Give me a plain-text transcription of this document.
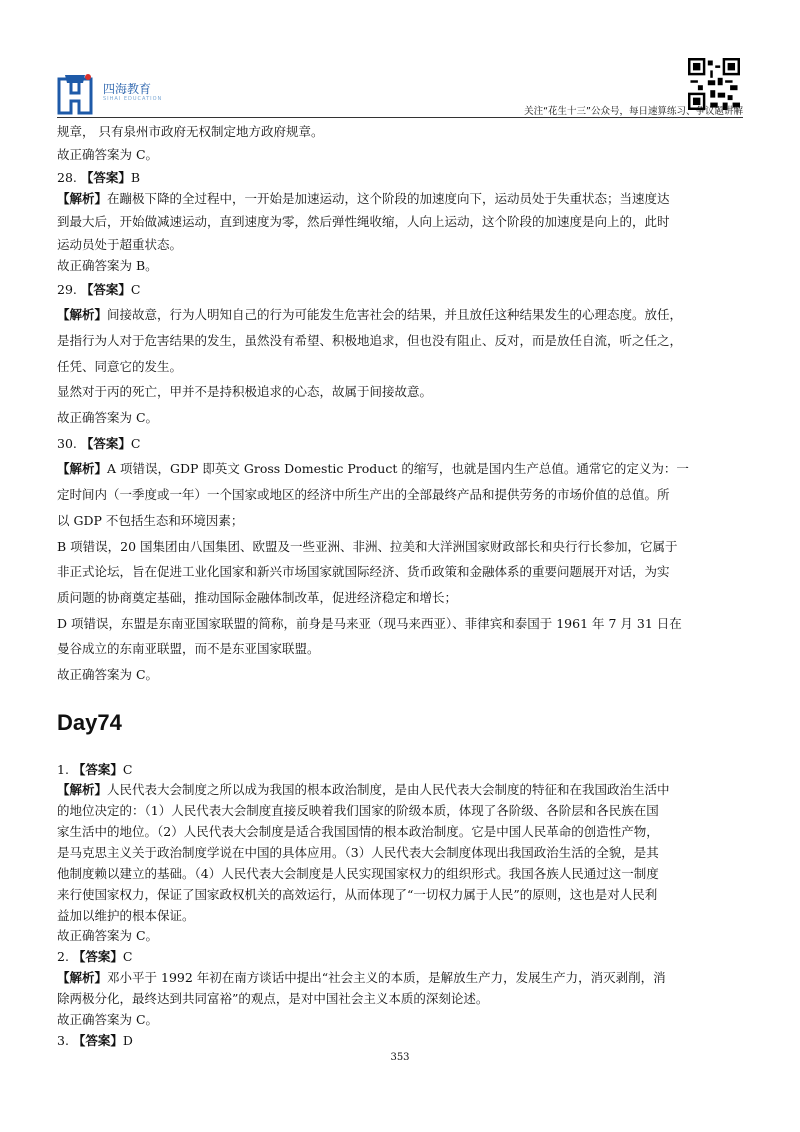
四海教育
SIHAI EDUCATION
关注“花生十三”公众号，每日速算练习、争议题讲解

规章， 只有泉州市政府无权制定地方政府规章。

故正确答案为 C。

28. 【答案】B

【解析】在蹦极下降的全过程中，一开始是加速运动，这个阶段的加速度向下，运动员处于失重状态；当速度达

到最大后，开始做减速运动，直到速度为零，然后弹性绳收缩，人向上运动，这个阶段的加速度是向上的，此时

运动员处于超重状态。

故正确答案为 B。

29. 【答案】C

【解析】间接故意，行为人明知自己的行为可能发生危害社会的结果，并且放任这种结果发生的心理态度。放任，

是指行为人对于危害结果的发生，虽然没有希望、积极地追求，但也没有阻止、反对，而是放任自流，听之任之，

任凭、同意它的发生。

显然对于丙的死亡，甲并不是持积极追求的心态，故属于间接故意。

故正确答案为 C。

30. 【答案】C

【解析】A 项错误，GDP 即英文 Gross Domestic Product 的缩写，也就是国内生产总值。通常它的定义为：一

定时间内（一季度或一年）一个国家或地区的经济中所生产出的全部最终产品和提供劳务的市场价值的总值。所

以 GDP 不包括生态和环境因素；

B 项错误，20 国集团由八国集团、欧盟及一些亚洲、非洲、拉美和大洋洲国家财政部长和央行行长参加，它属于

非正式论坛，旨在促进工业化国家和新兴市场国家就国际经济、货币政策和金融体系的重要问题展开对话，为实

质问题的协商奠定基础，推动国际金融体制改革，促进经济稳定和增长；

D 项错误，东盟是东南亚国家联盟的简称，前身是马来亚（现马来西亚）、菲律宾和泰国于 1961 年 7 月 31 日在

曼谷成立的东南亚联盟，而不是东亚国家联盟。

故正确答案为 C。

Day74

1. 【答案】C

【解析】人民代表大会制度之所以成为我国的根本政治制度，是由人民代表大会制度的特征和在我国政治生活中

的地位决定的：（1）人民代表大会制度直接反映着我们国家的阶级本质，体现了各阶级、各阶层和各民族在国

家生活中的地位。（2）人民代表大会制度是适合我国国情的根本政治制度。它是中国人民革命的创造性产物，

是马克思主义关于政治制度学说在中国的具体应用。（3）人民代表大会制度体现出我国政治生活的全貌，是其

他制度赖以建立的基础。（4）人民代表大会制度是人民实现国家权力的组织形式。我国各族人民通过这一制度

来行使国家权力，保证了国家政权机关的高效运行，从而体现了“一切权力属于人民”的原则，这也是对人民利

益加以维护的根本保证。

故正确答案为 C。

2. 【答案】C

【解析】邓小平于 1992 年初在南方谈话中提出“社会主义的本质，是解放生产力，发展生产力，消灭剥削，消

除两极分化，最终达到共同富裕”的观点，是对中国社会主义本质的深刻论述。

故正确答案为 C。

3. 【答案】D

353
